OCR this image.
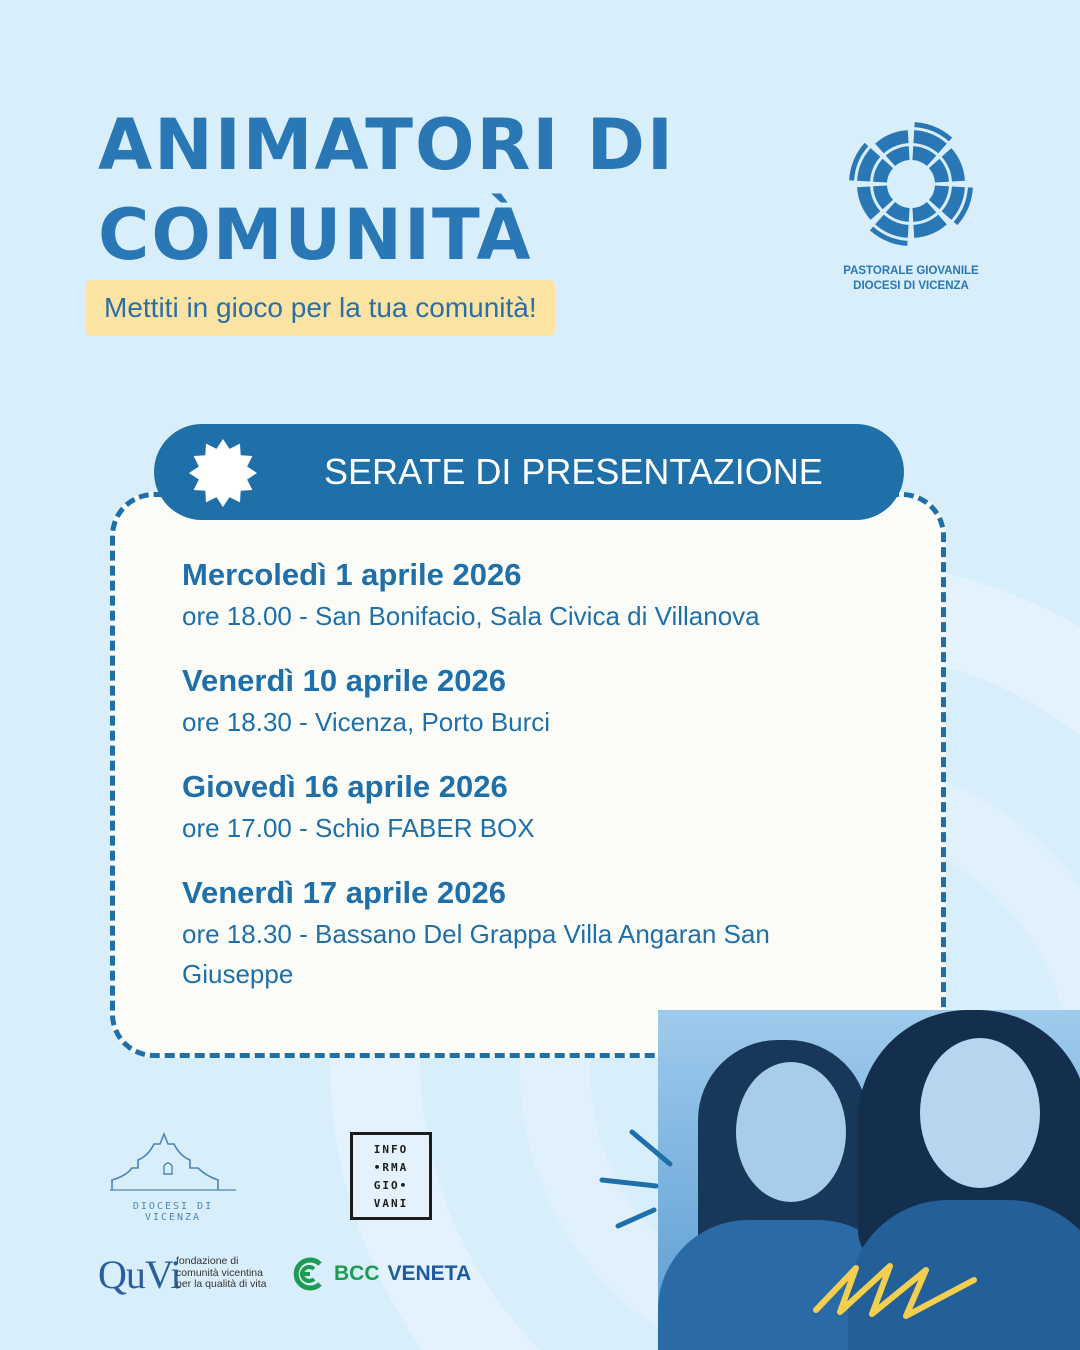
ANIMATORI DI
COMUNITÀ
Mettiti in gioco per la tua comunità!
PASTORALE GIOVANILE
DIOCESI DI VICENZA
SERATE DI PRESENTAZIONE
Mercoledì 1 aprile 2026
ore 18.00 - San Bonifacio, Sala Civica di Villanova
Venerdì 10 aprile 2026
ore 18.30 - Vicenza, Porto Burci
Giovedì 16 aprile 2026
ore 17.00 - Schio FABER BOX
Venerdì 17 aprile 2026
ore 18.30 - Bassano Del Grappa Villa Angaran San Giuseppe
DIOCESI DI VICENZA
INFO
•RMA
GIO•
VANI
QuVi
fondazione di comunità vicentina per la qualità di vita	BCC VENETA
